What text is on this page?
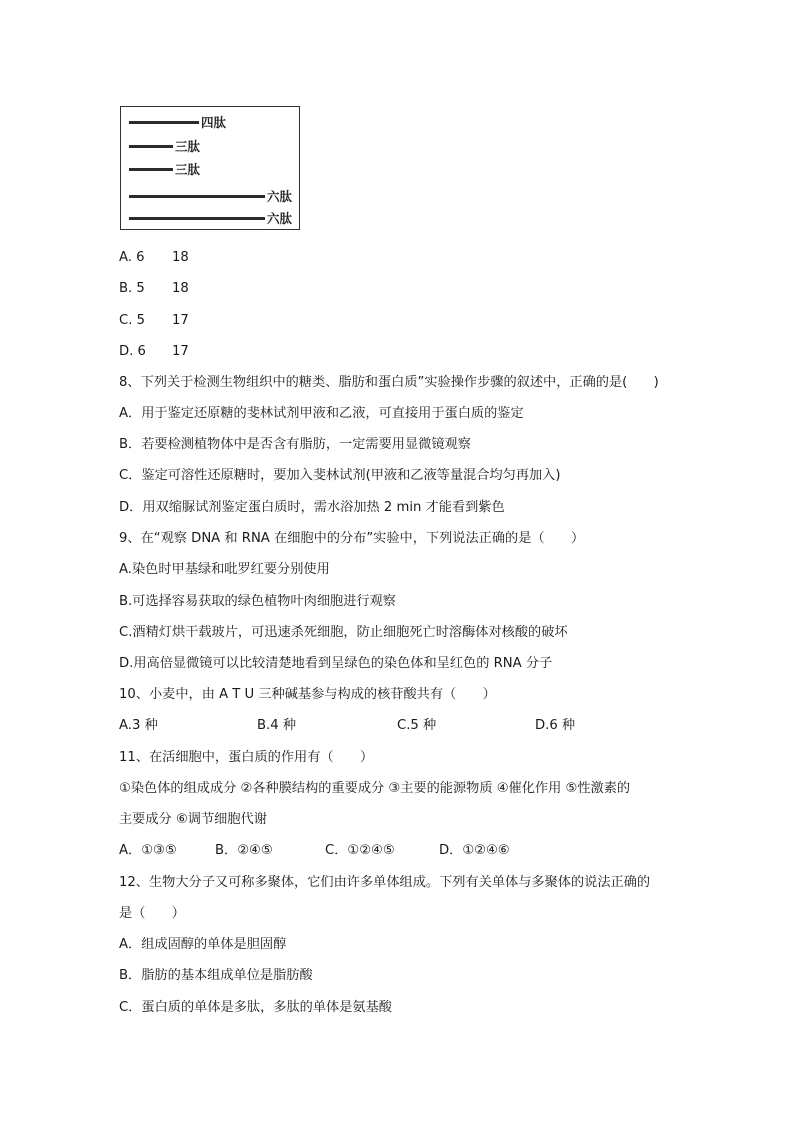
四肽
三肽
三肽
六肽
六肽
A. 6 18
B. 5 18
C. 5 17
D. 6 17
8、下列关于检测生物组织中的糖类、脂肪和蛋白质”实验操作步骤的叙述中，正确的是(　　)
A．用于鉴定还原糖的斐林试剂甲液和乙液，可直接用于蛋白质的鉴定
B．若要检测植物体中是否含有脂肪，一定需要用显微镜观察
C．鉴定可溶性还原糖时，要加入斐林试剂(甲液和乙液等量混合均匀再加入)
D．用双缩脲试剂鉴定蛋白质时，需水浴加热 2 min 才能看到紫色
9、在“观察 DNA 和 RNA 在细胞中的分布”实验中，下列说法正确的是（　　）
A.染色时甲基绿和吡罗红要分别使用
B.可选择容易获取的绿色植物叶肉细胞进行观察
C.酒精灯烘干载玻片，可迅速杀死细胞，防止细胞死亡时溶酶体对核酸的破坏
D.用高倍显微镜可以比较清楚地看到呈绿色的染色体和呈红色的 RNA 分子
10、小麦中，由 A T U 三种碱基参与构成的核苷酸共有（　　）
A.3 种	B.4 种	C.5 种	D.6 种
11、在活细胞中，蛋白质的作用有（　　）
①染色体的组成成分 ②各种膜结构的重要成分 ③主要的能源物质 ④催化作用 ⑤性激素的
主要成分 ⑥调节细胞代谢
A．①③⑤	B．②④⑤	C．①②④⑤	D．①②④⑥
12、生物大分子又可称多聚体，它们由许多单体组成。下列有关单体与多聚体的说法正确的
是（　　）
A．组成固醇的单体是胆固醇
B．脂肪的基本组成单位是脂肪酸
C．蛋白质的单体是多肽，多肽的单体是氨基酸
